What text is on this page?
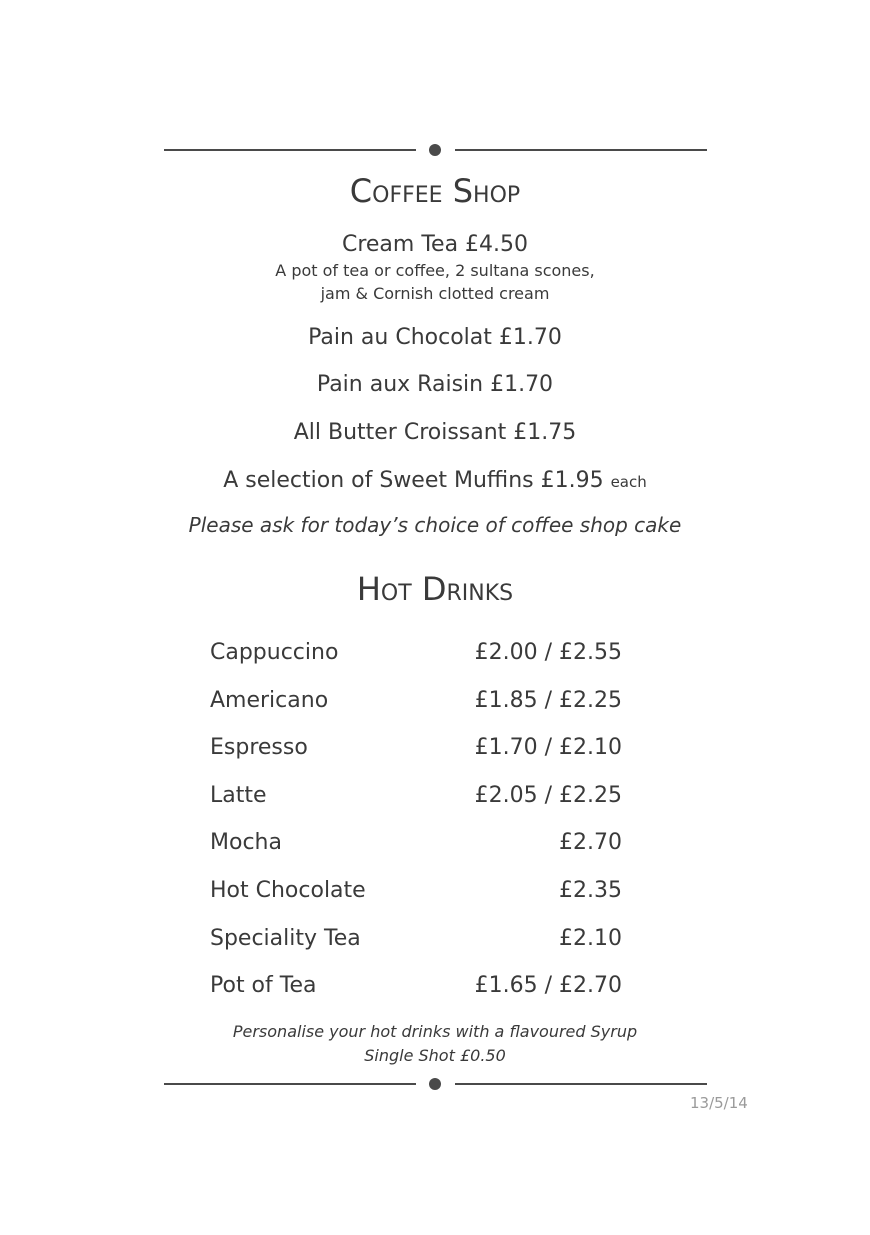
Coffee Shop
Cream Tea £4.50
A pot of tea or coffee, 2 sultana scones,
jam & Cornish clotted cream
Pain au Chocolat £1.70
Pain aux Raisin £1.70
All Butter Croissant £1.75
A selection of Sweet Muffins £1.95 each
Please ask for today’s choice of coffee shop cake
Hot Drinks
Cappuccino	£2.00 / £2.55
Americano	£1.85 / £2.25
Espresso	£1.70 / £2.10
Latte	£2.05 / £2.25
Mocha	£2.70
Hot Chocolate	£2.35
Speciality Tea	£2.10
Pot of Tea	£1.65 / £2.70
Personalise your hot drinks with a flavoured Syrup
Single Shot £0.50
13/5/14
